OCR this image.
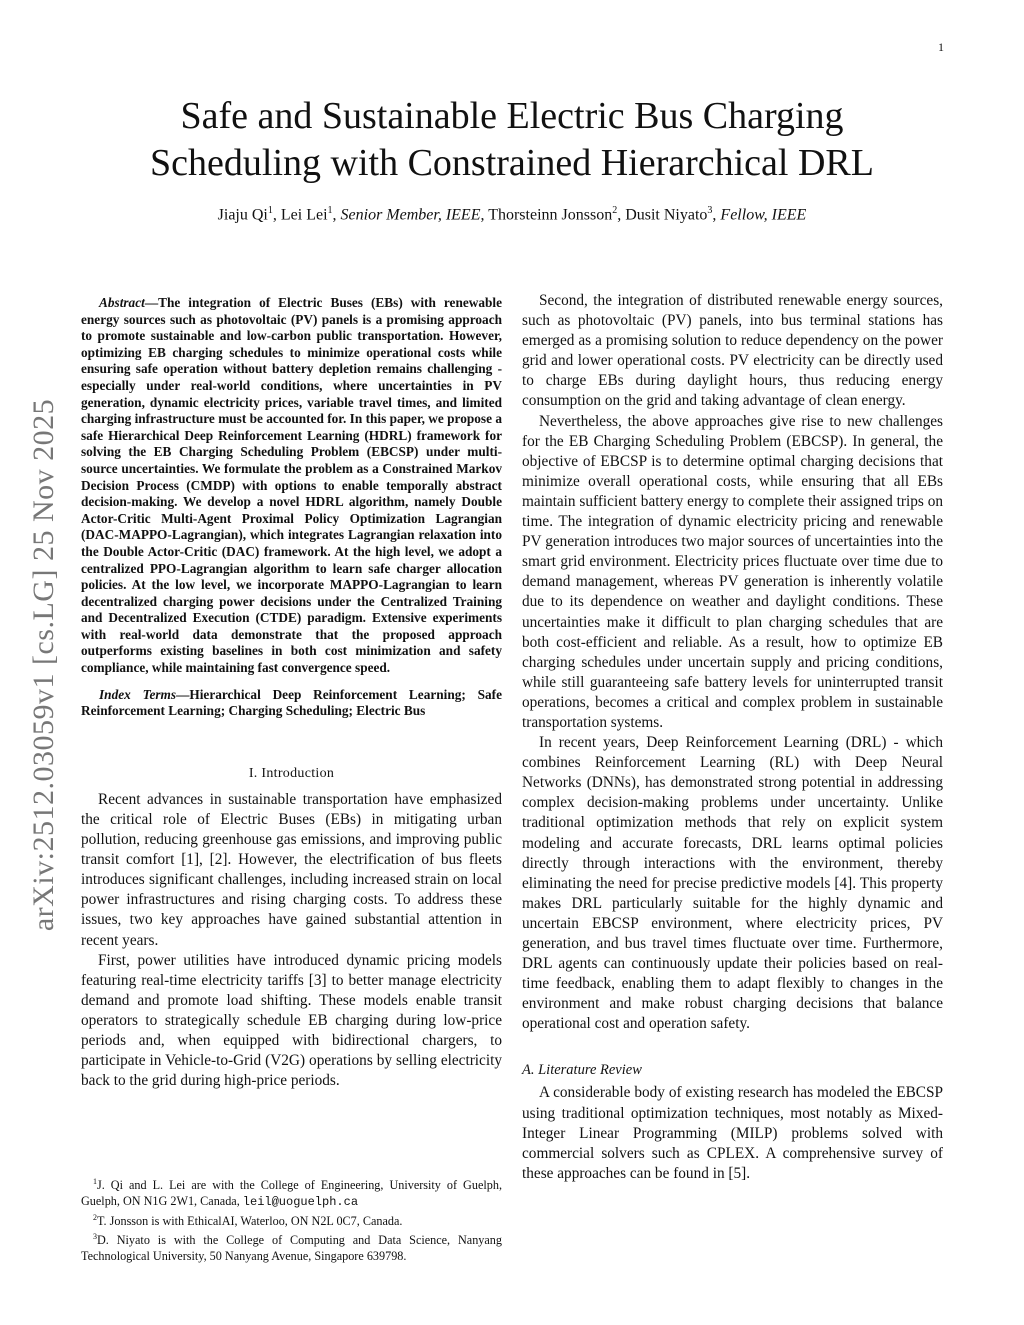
1
arXiv:2512.03059v1 [cs.LG] 25 Nov 2025
Safe and Sustainable Electric Bus Charging
Scheduling with Constrained Hierarchical DRL
Jiaju Qi$^1$, Lei Lei$^1$, Senior Member, IEEE, Thorsteinn Jonsson$^2$, Dusit Niyato$^3$, Fellow, IEEE

Abstract—The integration of Electric Buses (EBs) with renewable energy sources such as photovoltaic (PV) panels is a promising approach to promote sustainable and low-carbon public transportation. However, optimizing EB charging schedules to minimize operational costs while ensuring safe operation without battery depletion remains challenging - especially under real-world conditions, where uncertainties in PV generation, dynamic electricity prices, variable travel times, and limited charging infrastructure must be accounted for. In this paper, we propose a safe Hierarchical Deep Reinforcement Learning (HDRL) framework for solving the EB Charging Scheduling Problem (EBCSP) under multi-source uncertainties. We formulate the problem as a Constrained Markov Decision Process (CMDP) with options to enable temporally abstract decision-making. We develop a novel HDRL algorithm, namely Double Actor-Critic Multi-Agent Proximal Policy Optimization Lagrangian (DAC-MAPPO-Lagrangian), which integrates Lagrangian relaxation into the Double Actor-Critic (DAC) framework. At the high level, we adopt a centralized PPO-Lagrangian algorithm to learn safe charger allocation policies. At the low level, we incorporate MAPPO-Lagrangian to learn decentralized charging power decisions under the Centralized Training and Decentralized Execution (CTDE) paradigm. Extensive experiments with real-world data demonstrate that the proposed approach outperforms existing baselines in both cost minimization and safety compliance, while maintaining fast convergence speed.

Index Terms—Hierarchical Deep Reinforcement Learning; Safe Reinforcement Learning; Charging Scheduling; Electric Bus

I. Introduction

Recent advances in sustainable transportation have emphasized the critical role of Electric Buses (EBs) in mitigating urban pollution, reducing greenhouse gas emissions, and improving public transit comfort [1], [2]. However, the electrification of bus fleets introduces significant challenges, including increased strain on local power infrastructures and rising charging costs. To address these issues, two key approaches have gained substantial attention in recent years.

First, power utilities have introduced dynamic pricing models featuring real-time electricity tariffs [3] to better manage electricity demand and promote load shifting. These models enable transit operators to strategically schedule EB charging during low-price periods and, when equipped with bidirectional chargers, to participate in Vehicle-to-Grid (V2G) operations by selling electricity back to the grid during high-price periods.

Second, the integration of distributed renewable energy sources, such as photovoltaic (PV) panels, into bus terminal stations has emerged as a promising solution to reduce dependency on the power grid and lower operational costs. PV electricity can be directly used to charge EBs during daylight hours, thus reducing energy consumption on the grid and taking advantage of clean energy.

Nevertheless, the above approaches give rise to new challenges for the EB Charging Scheduling Problem (EBCSP). In general, the objective of EBCSP is to determine optimal charging decisions that minimize overall operational costs, while ensuring that all EBs maintain sufficient battery energy to complete their assigned trips on time. The integration of dynamic electricity pricing and renewable PV generation introduces two major sources of uncertainties into the smart grid environment. Electricity prices fluctuate over time due to demand management, whereas PV generation is inherently volatile due to its dependence on weather and daylight conditions. These uncertainties make it difficult to plan charging schedules that are both cost-efficient and reliable. As a result, how to optimize EB charging schedules under uncertain supply and pricing conditions, while still guaranteeing safe battery levels for uninterrupted transit operations, becomes a critical and complex problem in sustainable transportation systems.

In recent years, Deep Reinforcement Learning (DRL) - which combines Reinforcement Learning (RL) with Deep Neural Networks (DNNs), has demonstrated strong potential in addressing complex decision-making problems under uncertainty. Unlike traditional optimization methods that rely on explicit system modeling and accurate forecasts, DRL learns optimal policies directly through interactions with the environment, thereby eliminating the need for precise predictive models [4]. This property makes DRL particularly suitable for the highly dynamic and uncertain EBCSP environment, where electricity prices, PV generation, and bus travel times fluctuate over time. Furthermore, DRL agents can continuously update their policies based on real-time feedback, enabling them to adapt flexibly to changes in the environment and make robust charging decisions that balance operational cost and operation safety.

A. Literature Review

A considerable body of existing research has modeled the EBCSP using traditional optimization techniques, most notably as Mixed-Integer Linear Programming (MILP) problems solved with commercial solvers such as CPLEX. A comprehensive survey of these approaches can be found in [5].

$^1$J. Qi and L. Lei are with the College of Engineering, University of Guelph, Guelph, ON N1G 2W1, Canada, leil@uoguelph.ca

$^2$T. Jonsson is with EthicalAI, Waterloo, ON N2L 0C7, Canada.

$^3$D. Niyato is with the College of Computing and Data Science, Nanyang Technological University, 50 Nanyang Avenue, Singapore 639798.
